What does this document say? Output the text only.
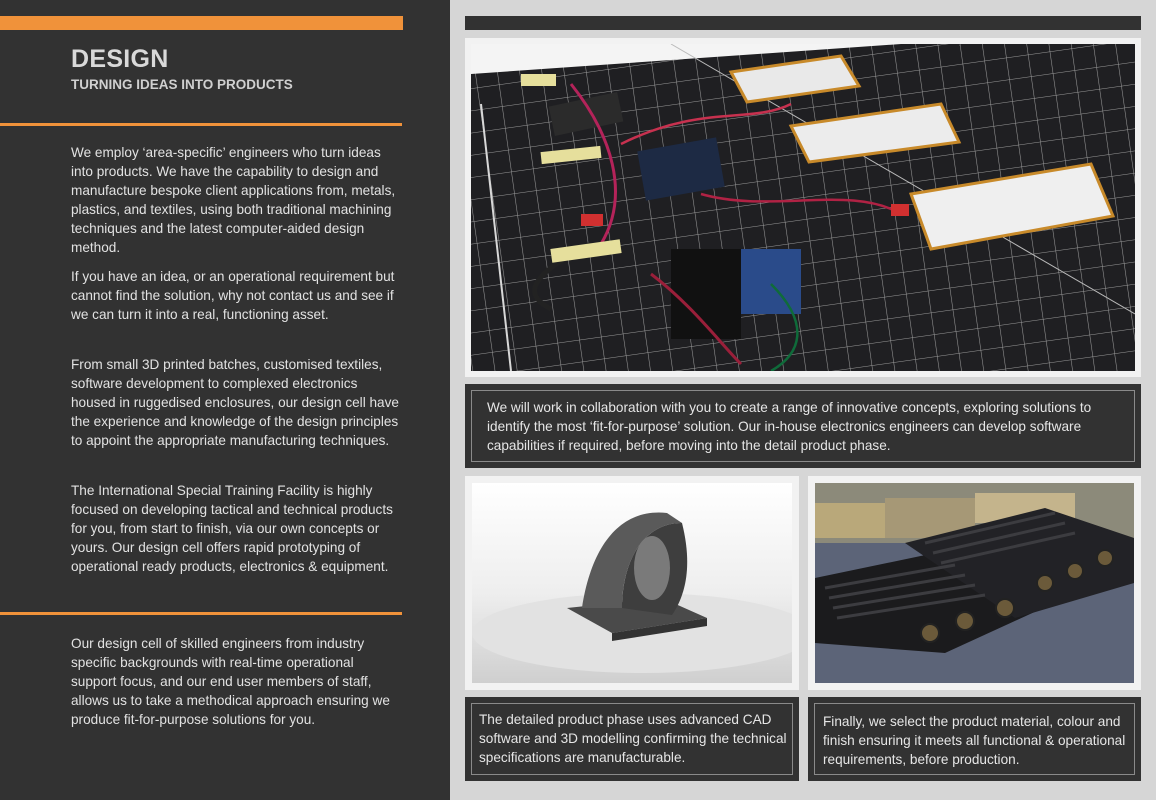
DESIGN
TURNING IDEAS INTO PRODUCTS
We employ ‘area-specific’ engineers who turn ideas into products. We have the capability to design and manufacture bespoke client applications from, metals, plastics, and textiles, using both traditional machining techniques and the latest computer-aided design method.
If you have an idea, or an operational requirement but cannot find the solution, why not contact us and see if we can turn it into a real, functioning asset.
From small 3D printed batches, customised textiles, software development to complexed electronics housed in ruggedised enclosures, our design cell have the experience and knowledge of the design principles to appoint the appropriate manufacturing techniques.
The International Special Training Facility is highly focused on developing tactical and technical products for you, from start to finish, via our own concepts or yours. Our design cell offers rapid prototyping of operational ready products, electronics & equipment.
Our design cell of skilled engineers from industry specific backgrounds with real-time operational support focus, and our end user members of staff, allows us to take a methodical approach ensuring we produce fit-for-purpose solutions for you.
We will work in collaboration with you to create a range of innovative concepts, exploring solutions to identify the most ‘fit-for-purpose’ solution. Our in-house electronics engineers can develop software capabilities if required, before moving into the detail product phase.
The detailed product phase uses advanced CAD software and 3D modelling confirming the technical specifications are manufacturable.
Finally, we select the product material, colour and finish ensuring it meets all functional & operational requirements, before production.
